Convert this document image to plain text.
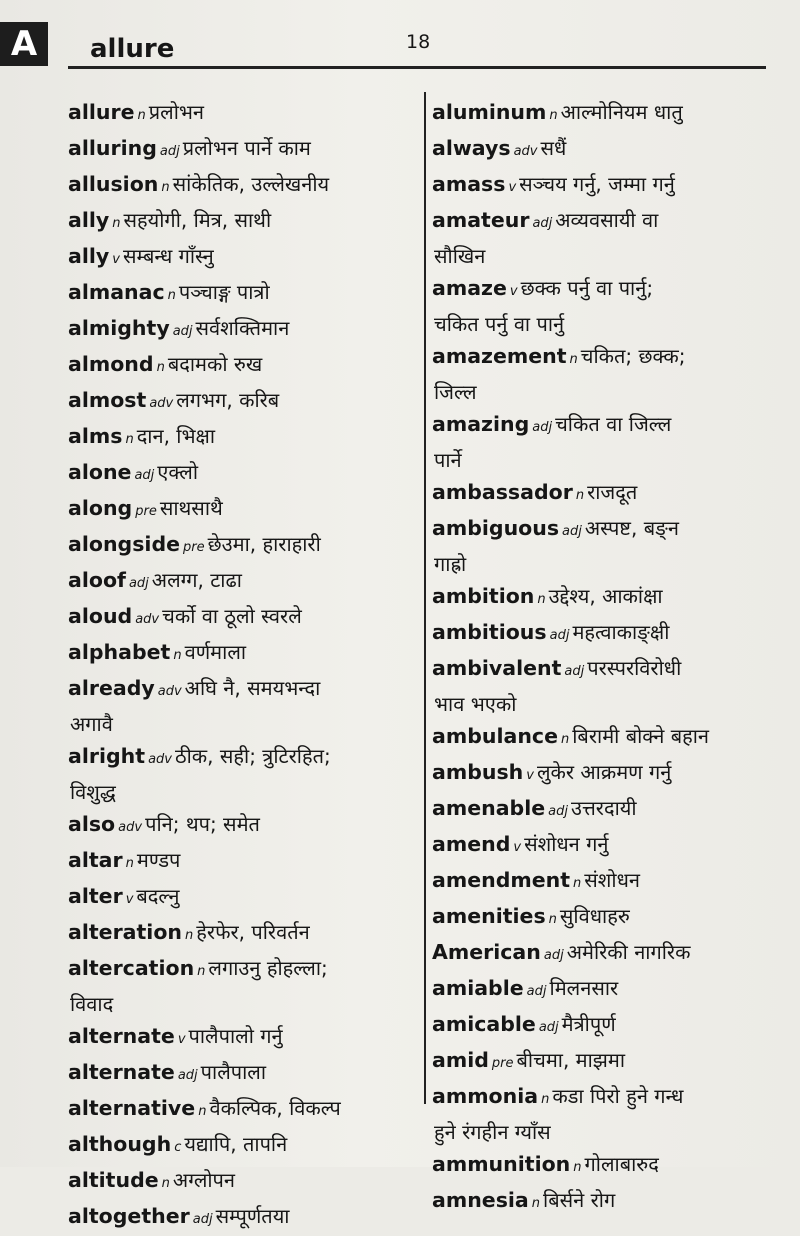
A	allure	18
allure n प्रलोभन
alluring adj प्रलोभन पार्ने काम
allusion n सांकेतिक, उल्लेखनीय
ally n सहयोगी, मित्र, साथी
ally v सम्बन्ध गाँस्नु
almanac n पञ्चाङ्ग पात्रो
almighty adj सर्वशक्तिमान
almond n बदामको रुख
almost adv लगभग, करिब
alms n दान, भिक्षा
alone adj एक्लो
along pre साथसाथै
alongside pre छेउमा, हाराहारी
aloof adj अलग्ग, टाढा
aloud adv चर्को वा ठूलो स्वरले
alphabet n वर्णमाला
already adv अघि नै, समयभन्दा
अगावै
alright adv ठीक, सही; त्रुटिरहित;
विशुद्ध
also adv पनि; थप; समेत
altar n मण्डप
alter v बदल्नु
alteration n हेरफेर, परिवर्तन
altercation n लगाउनु होहल्ला;
विवाद
alternate v पालैपालो गर्नु
alternate adj पालैपाला
alternative n वैकल्पिक, विकल्प
although c यद्यापि, तापनि
altitude n अग्लोपन
altogether adj सम्पूर्णतया
aluminum n आल्मोनियम धातु
always adv सधैं
amass v सञ्चय गर्नु, जम्मा गर्नु
amateur adj अव्यवसायी वा
सौखिन
amaze v छक्क पर्नु वा पार्नु;
चकित पर्नु वा पार्नु
amazement n चकित; छक्क;
जिल्ल
amazing adj चकित वा जिल्ल
पार्ने
ambassador n राजदूत
ambiguous adj अस्पष्ट, बङ्न
गाह्रो
ambition n उद्देश्य, आकांक्षा
ambitious adj महत्वाकाङ्क्षी
ambivalent adj परस्परविरोधी
भाव भएको
ambulance n बिरामी बोक्ने बहान
ambush v लुकेर आक्रमण गर्नु
amenable adj उत्तरदायी
amend v संशोधन गर्नु
amendment n संशोधन
amenities n सुविधाहरु
American adj अमेरिकी नागरिक
amiable adj मिलनसार
amicable adj मैत्रीपूर्ण
amid pre बीचमा, माझमा
ammonia n कडा पिरो हुने गन्ध
हुने रंगहीन ग्याँस
ammunition n गोलाबारुद
amnesia n बिर्सने रोग
